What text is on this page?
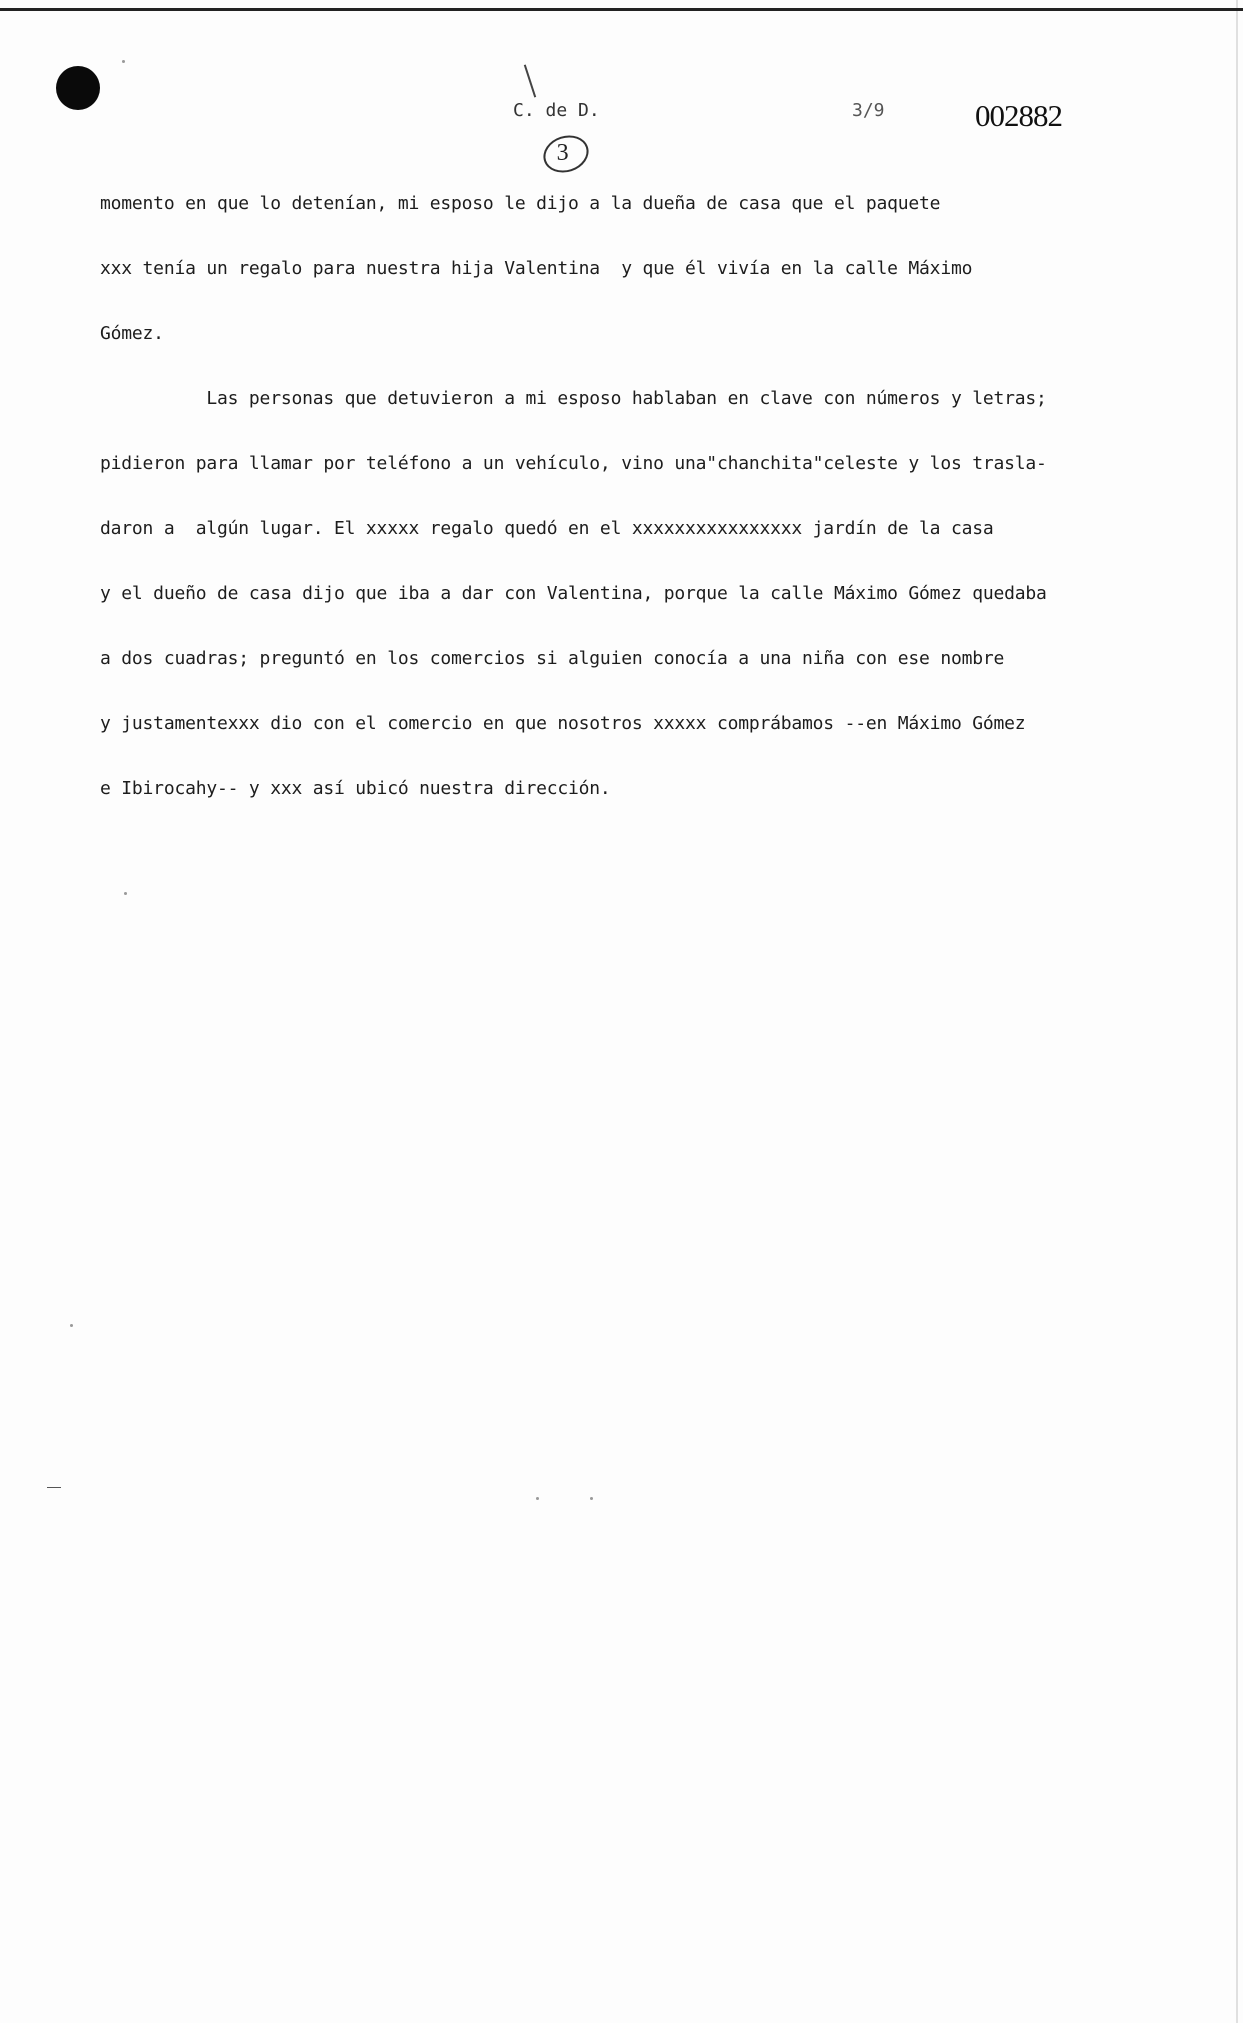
C. de D.	3/9	002882
3
momento en que lo detenían, mi esposo le dijo a la dueña de casa que el paquete
xxx tenía un regalo para nuestra hija Valentina  y que él vivía en la calle Máximo
Gómez.
Las personas que detuvieron a mi esposo hablaban en clave con números y letras;
pidieron para llamar por teléfono a un vehículo, vino una"chanchita"celeste y los trasla-
daron a  algún lugar. El xxxxx regalo quedó en el xxxxxxxxxxxxxxxx jardín de la casa
y el dueño de casa dijo que iba a dar con Valentina, porque la calle Máximo Gómez quedaba
a dos cuadras; preguntó en los comercios si alguien conocía a una niña con ese nombre
y justamentexxx dio con el comercio en que nosotros xxxxx comprábamos --en Máximo Gómez
e Ibirocahy-- y xxx así ubicó nuestra dirección.
